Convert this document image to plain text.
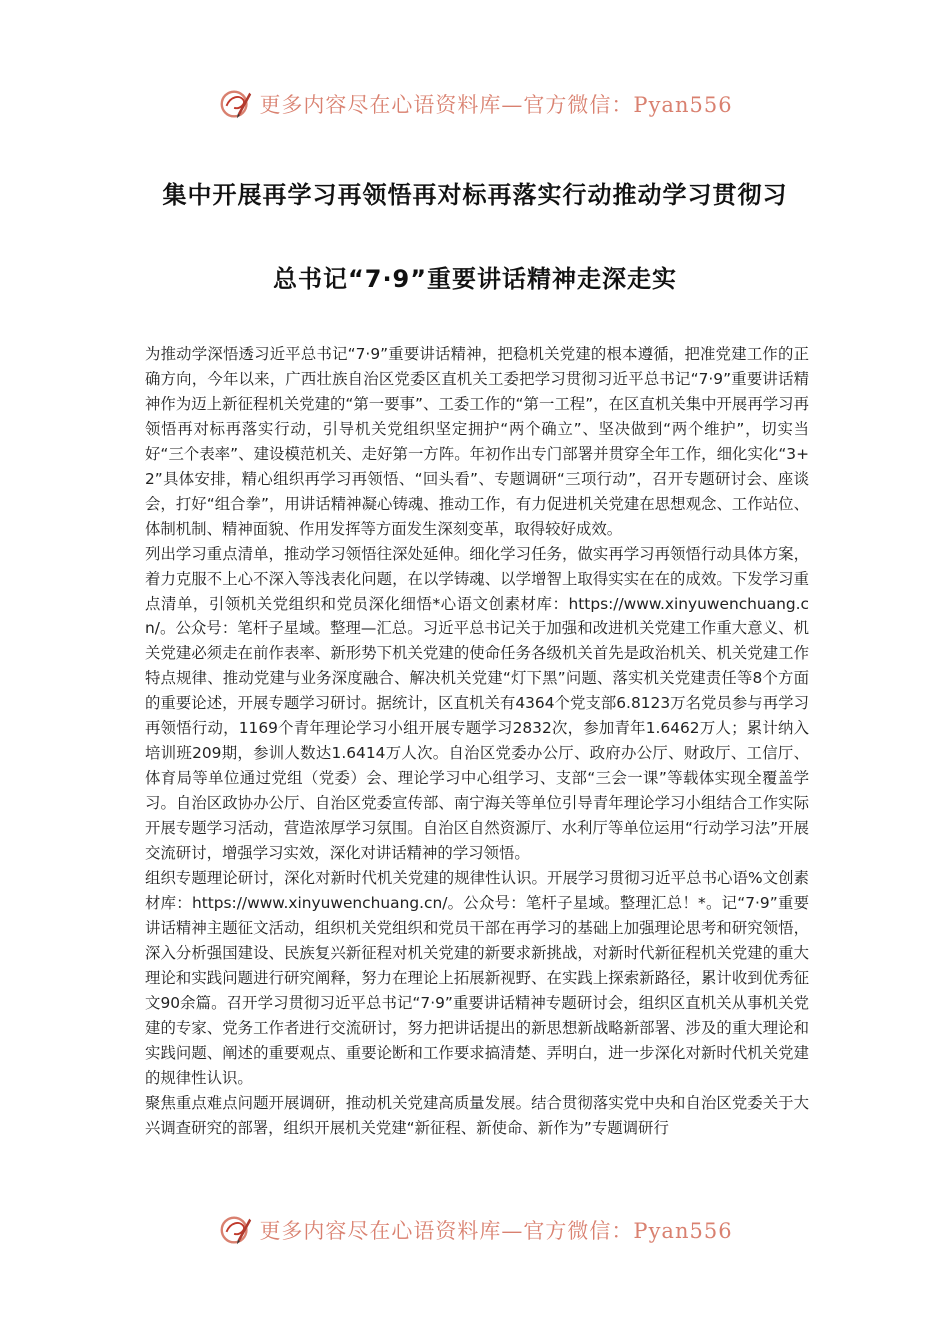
更多内容尽在心语资料库—官方微信：Pyan556
集中开展再学习再领悟再对标再落实行动推动学习贯彻习
总书记“7·9”重要讲话精神走深走实

为推动学深悟透习近平总书记“7·9”重要讲话精神，把稳机关党建的根本遵循，把准党建工作的正确方向，今年以来，广西壮族自治区党委区直机关工委把学习贯彻习近平总书记“7·9”重要讲话精神作为迈上新征程机关党建的“第一要事”、工委工作的“第一工程”，在区直机关集中开展再学习再领悟再对标再落实行动，引导机关党组织坚定拥护“两个确立”、坚决做到“两个维护”，切实当好“三个表率”、建设模范机关、走好第一方阵。年初作出专门部署并贯穿全年工作，细化实化“3+2”具体安排，精心组织再学习再领悟、“回头看”、专题调研“三项行动”，召开专题研讨会、座谈会，打好“组合拳”，用讲话精神凝心铸魂、推动工作，有力促进机关党建在思想观念、工作站位、体制机制、精神面貌、作用发挥等方面发生深刻变革，取得较好成效。

列出学习重点清单，推动学习领悟往深处延伸。细化学习任务，做实再学习再领悟行动具体方案，着力克服不上心不深入等浅表化问题，在以学铸魂、以学增智上取得实实在在的成效。下发学习重点清单，引领机关党组织和党员深化细悟*心语文创素材库：https://www.xinyuwenchuang.cn/。公众号：笔杆子星域。整理—汇总。习近平总书记关于加强和改进机关党建工作重大意义、机关党建必须走在前作表率、新形势下机关党建的使命任务各级机关首先是政治机关、机关党建工作特点规律、推动党建与业务深度融合、解决机关党建“灯下黑”问题、落实机关党建责任等8个方面的重要论述，开展专题学习研讨。据统计，区直机关有4364个党支部6.8123万名党员参与再学习再领悟行动，1169个青年理论学习小组开展专题学习2832次，参加青年1.6462万人；累计纳入培训班209期，参训人数达1.6414万人次。自治区党委办公厅、政府办公厅、财政厅、工信厅、体育局等单位通过党组（党委）会、理论学习中心组学习、支部“三会一课”等载体实现全覆盖学习。自治区政协办公厅、自治区党委宣传部、南宁海关等单位引导青年理论学习小组结合工作实际开展专题学习活动，营造浓厚学习氛围。自治区自然资源厅、水利厅等单位运用“行动学习法”开展交流研讨，增强学习实效，深化对讲话精神的学习领悟。

组织专题理论研讨，深化对新时代机关党建的规律性认识。开展学习贯彻习近平总书心语%文创素材库：https://www.xinyuwenchuang.cn/。公众号：笔杆子星域。整理汇总！*。记“7·9”重要讲话精神主题征文活动，组织机关党组织和党员干部在再学习的基础上加强理论思考和研究领悟，深入分析强国建设、民族复兴新征程对机关党建的新要求新挑战，对新时代新征程机关党建的重大理论和实践问题进行研究阐释，努力在理论上拓展新视野、在实践上探索新路径，累计收到优秀征文90余篇。召开学习贯彻习近平总书记“7·9”重要讲话精神专题研讨会，组织区直机关从事机关党建的专家、党务工作者进行交流研讨，努力把讲话提出的新思想新战略新部署、涉及的重大理论和实践问题、阐述的重要观点、重要论断和工作要求搞清楚、弄明白，进一步深化对新时代机关党建的规律性认识。

聚焦重点难点问题开展调研，推动机关党建高质量发展。结合贯彻落实党中央和自治区党委关于大兴调查研究的部署，组织开展机关党建“新征程、新使命、新作为”专题调研行

更多内容尽在心语资料库—官方微信：Pyan556
